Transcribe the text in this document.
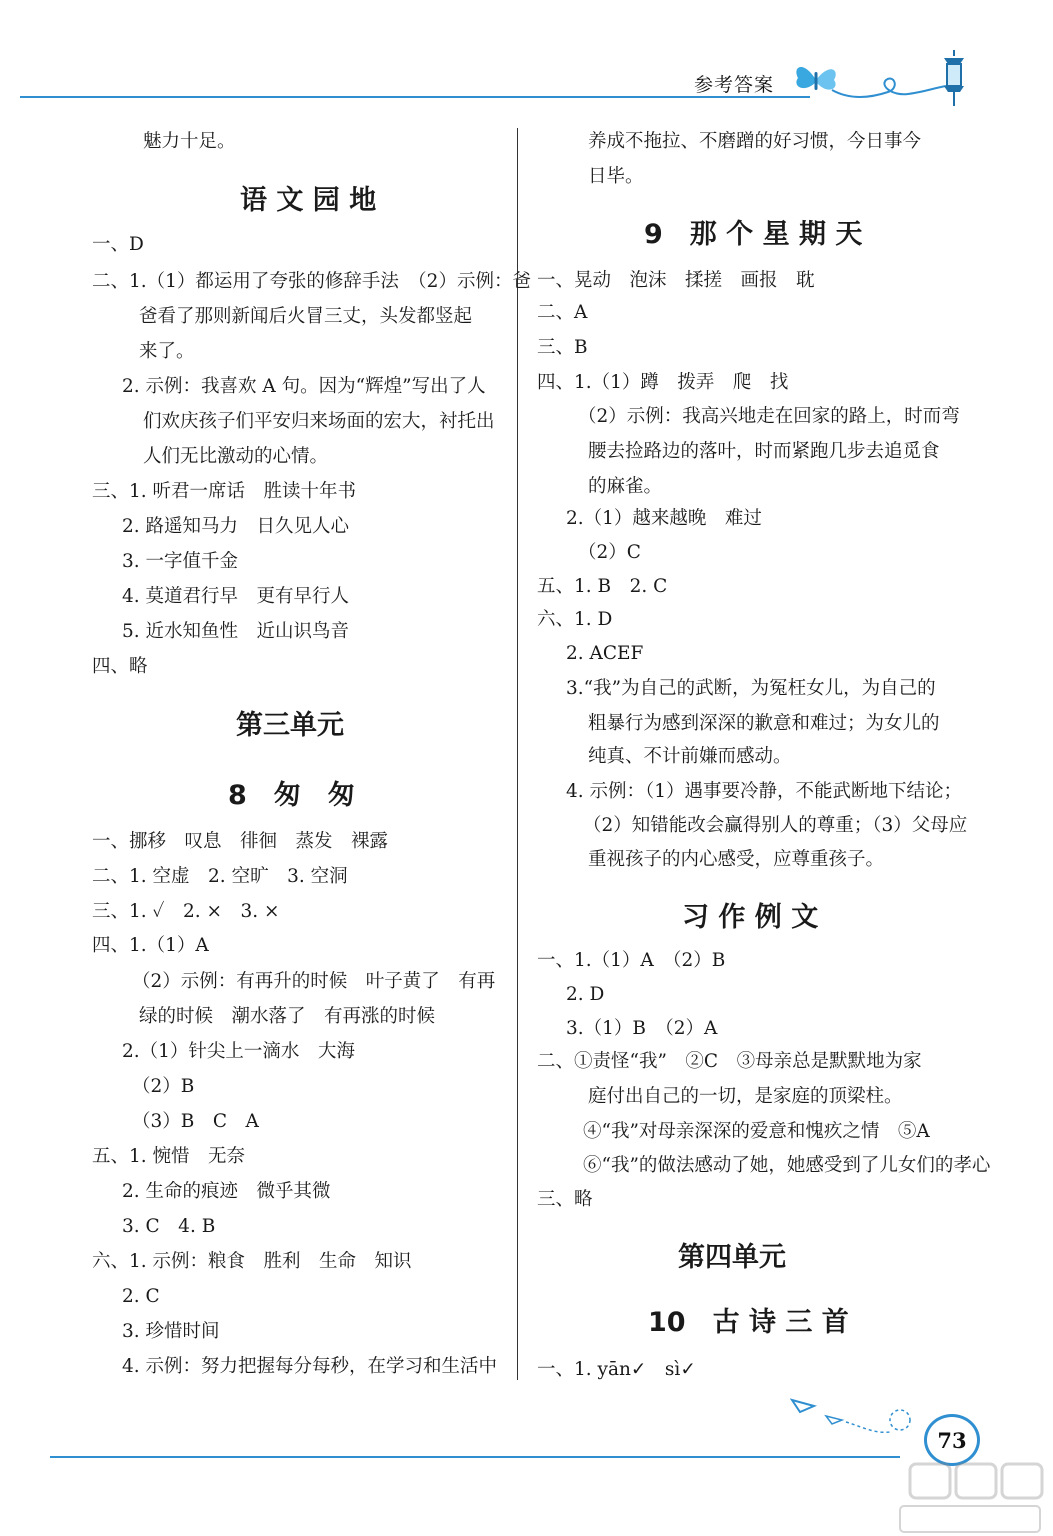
参考答案
魅力十足。
语 文 园 地
一、D
二、1.（1）都运用了夸张的修辞手法　（2）示例：爸
爸看了那则新闻后火冒三丈，头发都竖起
来了。
2. 示例：我喜欢 A 句。因为“辉煌”写出了人
们欢庆孩子们平安归来场面的宏大，衬托出
人们无比激动的心情。
三、1. 听君一席话　胜读十年书
2. 路遥知马力　日久见人心
3. 一字值千金
4. 莫道君行早　更有早行人
5. 近水知鱼性　近山识鸟音
四、略
第三单元
8　匆　匆
一、挪移　叹息　徘徊　蒸发　裸露
二、1. 空虚　2. 空旷　3. 空洞
三、1. ✓　2. ×　3. ×
四、1.（1）A
（2）示例：有再升的时候　叶子黄了　有再
绿的时候　潮水落了　有再涨的时候
2.（1）针尖上一滴水　大海
（2）B
（3）B　C　A
五、1. 惋惜　无奈
2. 生命的痕迹　微乎其微
3. C　4. B
六、1. 示例：粮食　胜利　生命　知识
2. C
3. 珍惜时间
4. 示例：努力把握每分每秒，在学习和生活中
养成不拖拉、不磨蹭的好习惯，今日事今
日毕。
9　那 个 星 期 天
一、晃动　泡沫　揉搓　画报　耽
二、A
三、B
四、1.（1）蹲　拨弄　爬　找
（2）示例：我高兴地走在回家的路上，时而弯
腰去捡路边的落叶，时而紧跑几步去追觅食
的麻雀。
2.（1）越来越晚　难过
（2）C
五、1. B　2. C
六、1. D
2. ACEF
3.“我”为自己的武断，为冤枉女儿，为自己的
粗暴行为感到深深的歉意和难过；为女儿的
纯真、不计前嫌而感动。
4. 示例：（1）遇事要冷静，不能武断地下结论；
（2）知错能改会赢得别人的尊重；（3）父母应
重视孩子的内心感受，应尊重孩子。
习 作 例 文
一、1.（1）A　（2）B
2. D
3.（1）B　（2）A
二、①责怪“我”　②C　③母亲总是默默地为家
庭付出自己的一切，是家庭的顶梁柱。
④“我”对母亲深深的爱意和愧疚之情　⑤A
⑥“我”的做法感动了她，她感受到了儿女们的孝心
三、略
第四单元
10　古 诗 三 首
一、1. yān✓　sì✓
73
